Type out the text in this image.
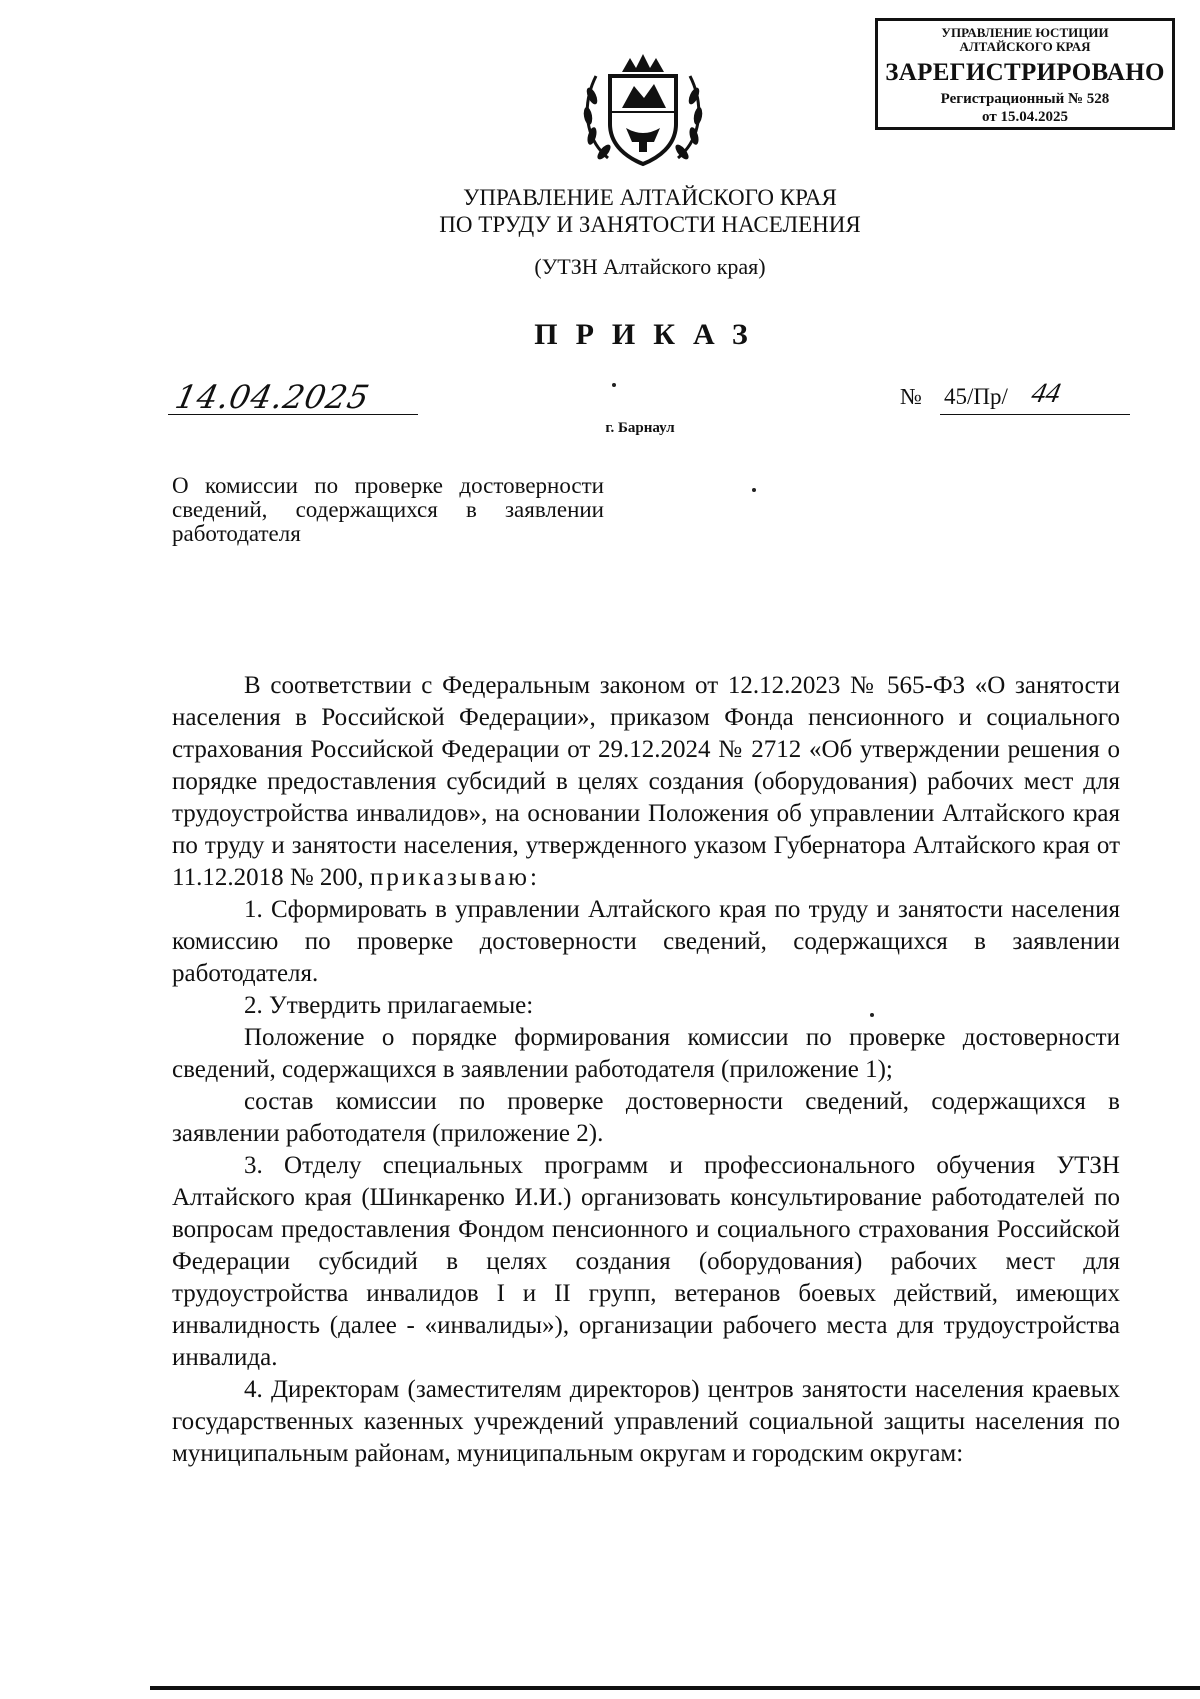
УПРАВЛЕНИЕ ЮСТИЦИИ
АЛТАЙСКОГО КРАЯ
ЗАРЕГИСТРИРОВАНО
Регистрационный № 528
от 15.04.2025
УПРАВЛЕНИЕ АЛТАЙСКОГО КРАЯ
ПО ТРУДУ И ЗАНЯТОСТИ НАСЕЛЕНИЯ
(УТЗН Алтайского края)
ПРИКАЗ
14.04.2025	№ 45/Пр/ 44
г. Барнаул
О комиссии по проверке достоверности сведений, содержащихся в заявлении работодателя

В соответствии с Федеральным законом от 12.12.2023 № 565-ФЗ «О занятости населения в Российской Федерации», приказом Фонда пенсионного и социального страхования Российской Федерации от 29.12.2024 № 2712 «Об утверждении решения о порядке предоставления субсидий в целях создания (оборудования) рабочих мест для трудоустройства инвалидов», на основании Положения об управлении Алтайского края по труду и занятости населения, утвержденного указом Губернатора Алтайского края от 11.12.2018 № 200, приказываю:

1. Сформировать в управлении Алтайского края по труду и занятости населения комиссию по проверке достоверности сведений, содержащихся в заявлении работодателя.

2. Утвердить прилагаемые:

Положение о порядке формирования комиссии по проверке достоверности сведений, содержащихся в заявлении работодателя (приложение 1);

состав комиссии по проверке достоверности сведений, содержащихся в заявлении работодателя (приложение 2).

3. Отделу специальных программ и профессионального обучения УТЗН Алтайского края (Шинкаренко И.И.) организовать консультирование работодателей по вопросам предоставления Фондом пенсионного и социального страхования Российской Федерации субсидий в целях создания (оборудования) рабочих мест для трудоустройства инвалидов I и II групп, ветеранов боевых действий, имеющих инвалидность (далее - «инвалиды»), организации рабочего места для трудоустройства инвалида.

4. Директорам (заместителям директоров) центров занятости населения краевых государственных казенных учреждений управлений социальной защиты населения по муниципальным районам, муниципальным округам и городским округам:
